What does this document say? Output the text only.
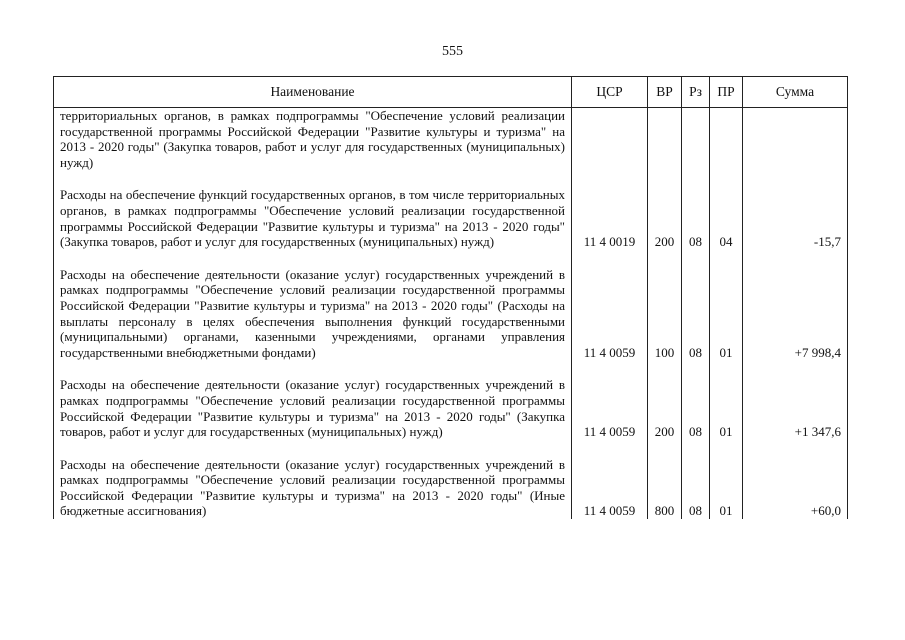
555
Наименование	ЦСР	ВР	Рз	ПР	Сумма

территориальных органов, в рамках подпрограммы "Обеспечение условий реализации государственной программы Российской Федерации "Развитие культуры и туризма" на 2013 - 2020 годы" (Закупка товаров, работ и услуг для государственных (муниципальных) нужд)					

Расходы на обеспечение функций государственных органов, в том числе территориальных органов, в рамках подпрограммы "Обеспечение условий реализации государственной программы Российской Федерации "Развитие культуры и туризма" на 2013 - 2020 годы" (Закупка товаров, работ и услуг для государственных (муниципальных) нужд)	11 4 0019	200	08	04	-15,7

Расходы на обеспечение деятельности (оказание услуг) государственных учреждений в рамках подпрограммы "Обеспечение условий реализации государственной программы Российской Федерации "Развитие культуры и туризма" на 2013 - 2020 годы" (Расходы на выплаты персоналу в целях обеспечения выполнения функций государственными (муниципальными) органами, казенными учреждениями, органами управления государственными внебюджетными фондами)	11 4 0059	100	08	01	+7 998,4

Расходы на обеспечение деятельности (оказание услуг) государственных учреждений в рамках подпрограммы "Обеспечение условий реализации государственной программы Российской Федерации "Развитие культуры и туризма" на 2013 - 2020 годы" (Закупка товаров, работ и услуг для государственных (муниципальных) нужд)	11 4 0059	200	08	01	+1 347,6

Расходы на обеспечение деятельности (оказание услуг) государственных учреждений в рамках подпрограммы "Обеспечение условий реализации государственной программы Российской Федерации "Развитие культуры и туризма" на 2013 - 2020 годы" (Иные бюджетные ассигнования)	11 4 0059	800	08	01	+60,0
